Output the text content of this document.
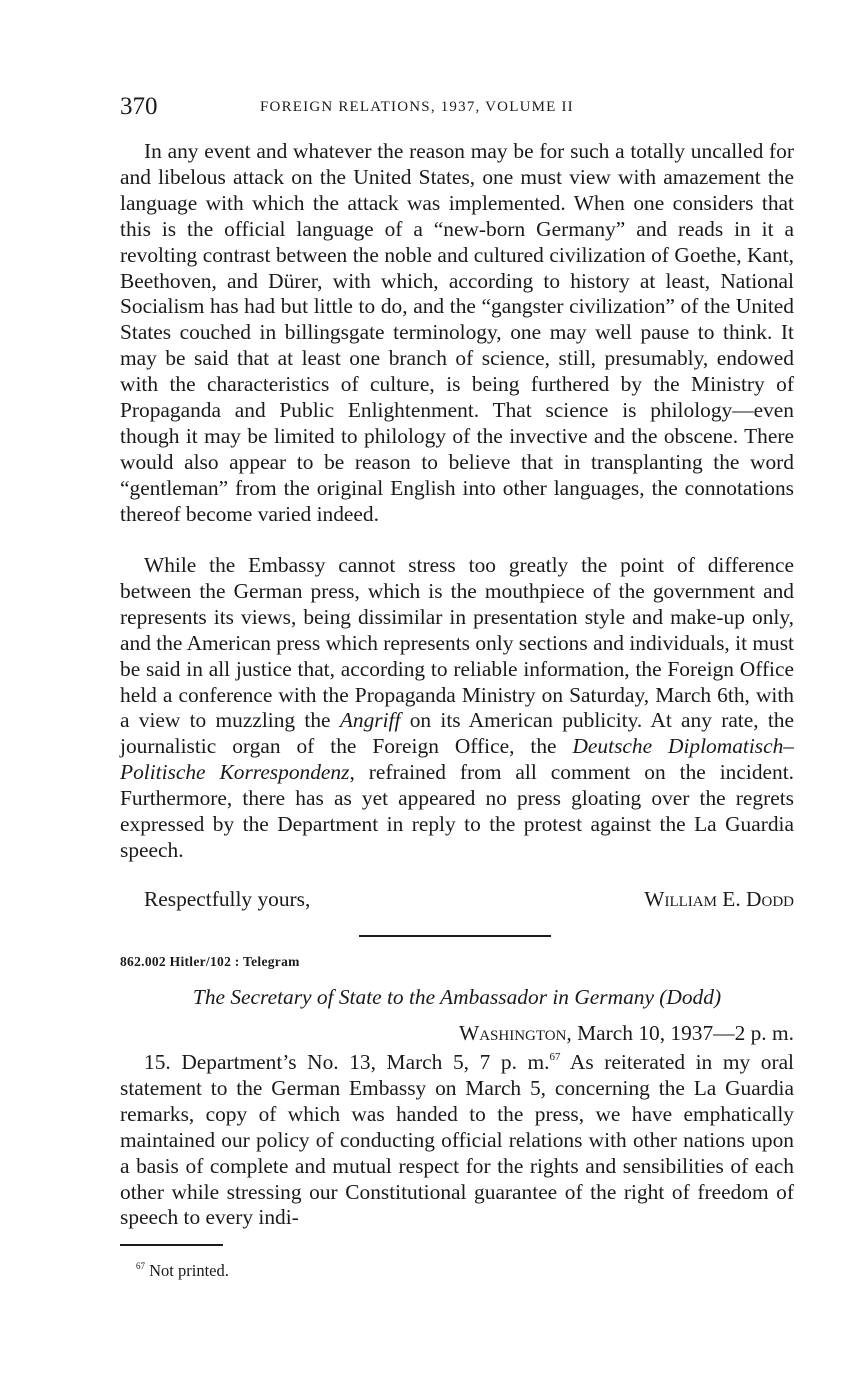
370	FOREIGN RELATIONS, 1937, VOLUME II

In any event and whatever the reason may be for such a totally uncalled for and libelous attack on the United States, one must view with amazement the language with which the attack was implemented. When one considers that this is the official language of a “new-born Germany” and reads in it a revolting contrast between the noble and cultured civilization of Goethe, Kant, Beethoven, and Dürer, with which, according to history at least, National Socialism has had but little to do, and the “gangster civilization” of the United States couched in billingsgate terminology, one may well pause to think. It may be said that at least one branch of science, still, presumably, endowed with the characteristics of culture, is being furthered by the Ministry of Propaganda and Public Enlightenment. That science is philology—even though it may be limited to philology of the invective and the obscene. There would also appear to be reason to believe that in transplanting the word “gentleman” from the original English into other languages, the connotations thereof become varied indeed.

While the Embassy cannot stress too greatly the point of difference between the German press, which is the mouthpiece of the government and represents its views, being dissimilar in presentation style and make-up only, and the American press which represents only sections and individuals, it must be said in all justice that, according to reliable information, the Foreign Office held a conference with the Propaganda Ministry on Saturday, March 6th, with a view to muzzling the Angriff on its American publicity. At any rate, the journalistic organ of the Foreign Office, the Deutsche Diplomatisch–Politische Korrespondenz, refrained from all comment on the incident. Furthermore, there has as yet appeared no press gloating over the regrets expressed by the Department in reply to the protest against the La Guardia speech.

Respectfully yours,	William E. Dodd
862.002 Hitler/102 : Telegram
The Secretary of State to the Ambassador in Germany (Dodd)
Washington, March 10, 1937—2 p. m.

15. Department’s No. 13, March 5, 7 p. m.$^{67}$ As reiterated in my oral statement to the German Embassy on March 5, concerning the La Guardia remarks, copy of which was handed to the press, we have emphatically maintained our policy of conducting official relations with other nations upon a basis of complete and mutual respect for the rights and sensibilities of each other while stressing our Constitutional guarantee of the right of freedom of speech to every indi-

$^{67}$ Not printed.
